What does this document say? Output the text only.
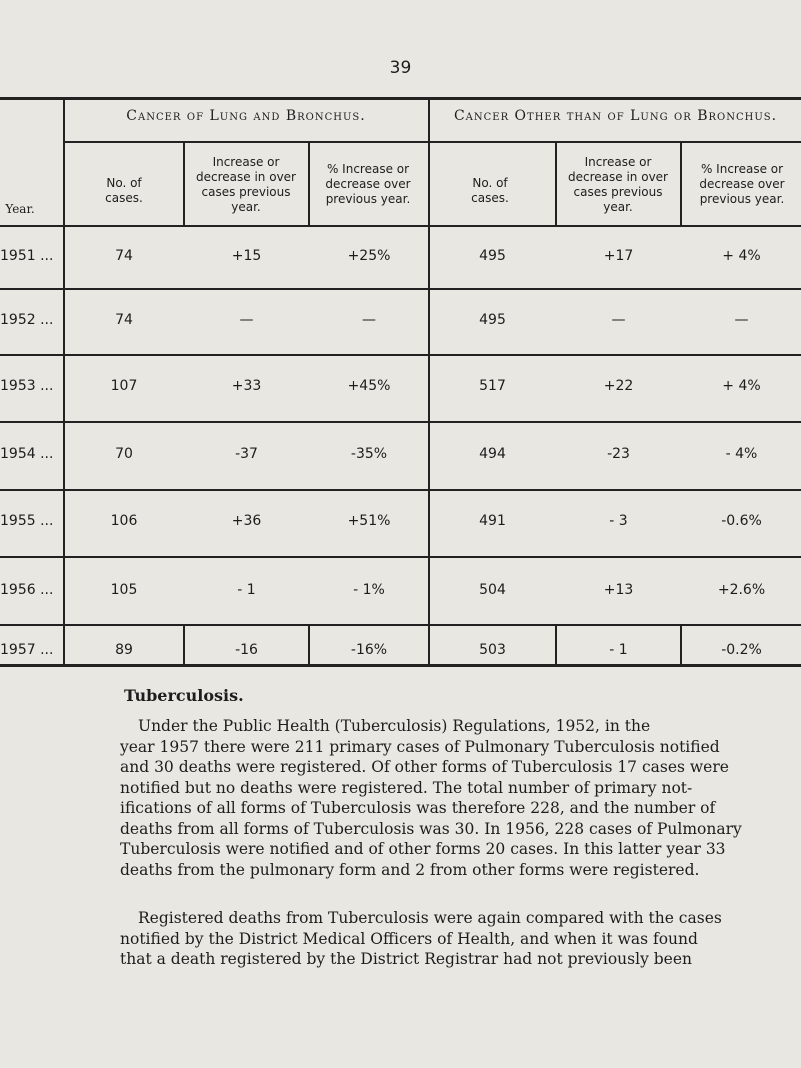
39
Cancer of Lung and Bronchus.	Cancer Other than of Lung or Bronchus.
Year.
No. of cases.
Increase or decrease in over cases previous year.
% Increase or decrease over previous year.
No. of cases.
Increase or decrease in over cases previous year.
% Increase or decrease over previous year.
1951 ...	74	+15	+25%	495	+17	+ 4%
1952 ...	74	—	—	495	—	—
1953 ...	107	+33	+45%	517	+22	+ 4%
1954 ...	70	-37	-35%	494	-23	- 4%
1955 ...	106	+36	+51%	491	- 3	-0.6%
1956 ...	105	- 1	- 1%	504	+13	+2.6%
1957 ...	89	-16	-16%	503	- 1	-0.2%
Tuberculosis.
Under the Public Health (Tuberculosis) Regulations, 1952, in the
year 1957 there were 211 primary cases of Pulmonary Tuberculosis notified
and 30 deaths were registered. Of other forms of Tuberculosis 17 cases were
notified but no deaths were registered. The total number of primary not-
ifications of all forms of Tuberculosis was therefore 228, and the number of
deaths from all forms of Tuberculosis was 30. In 1956, 228 cases of Pulmonary
Tuberculosis were notified and of other forms 20 cases. In this latter year 33
deaths from the pulmonary form and 2 from other forms were registered.
Registered deaths from Tuberculosis were again compared with the cases
notified by the District Medical Officers of Health, and when it was found
that a death registered by the District Registrar had not previously been
